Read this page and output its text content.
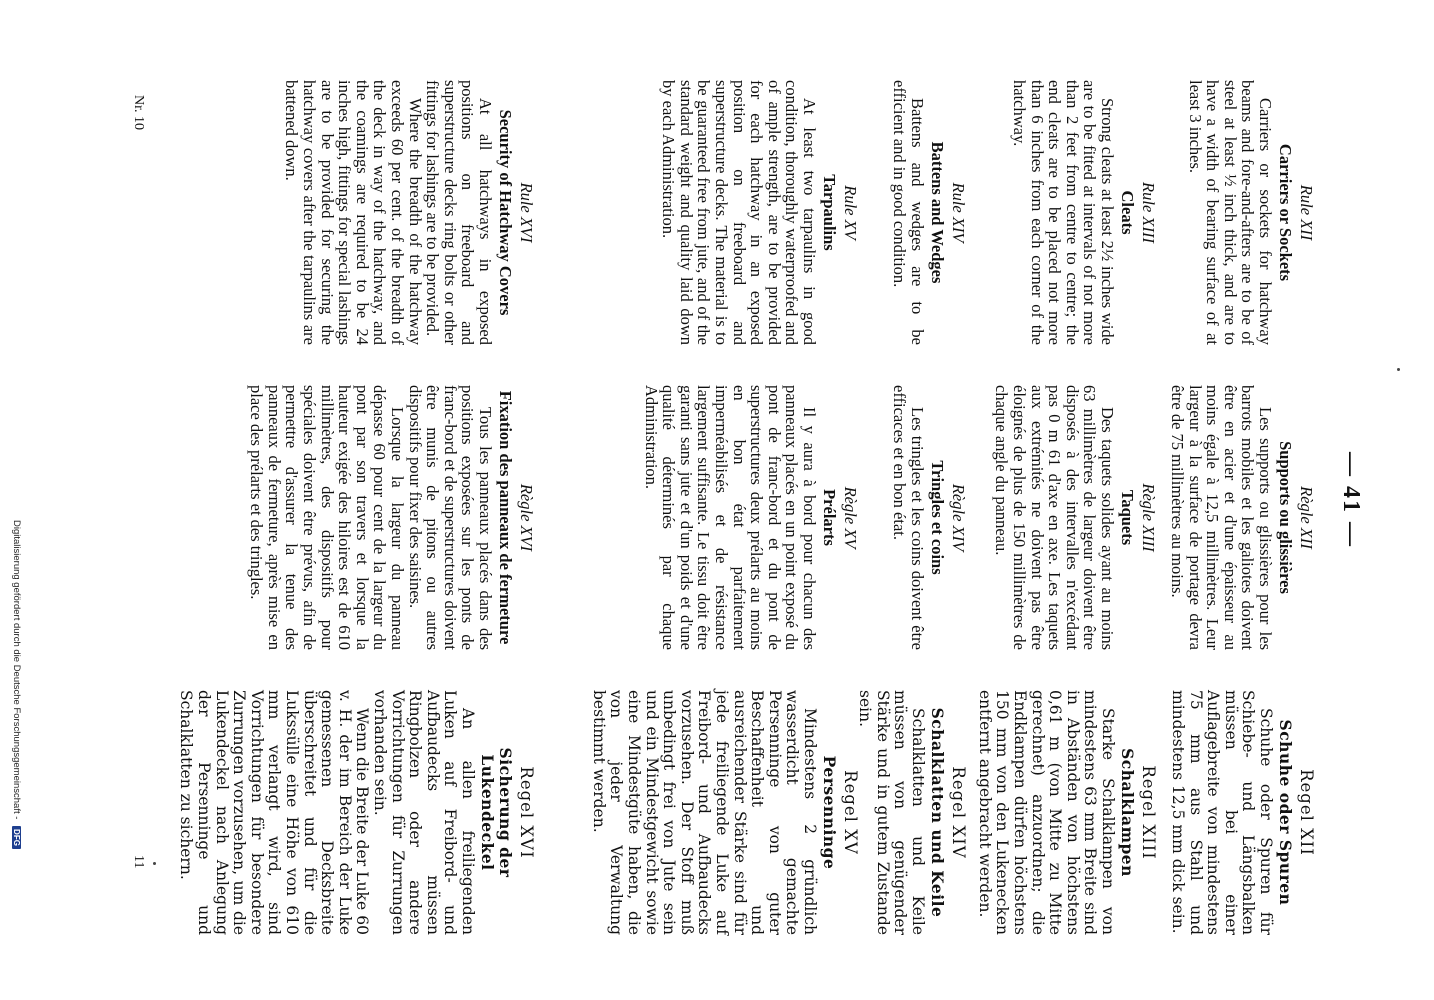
— 41 —
Rule XII
Carriers or Sockets

Carriers or sockets for hatchway beams and fore-and-afters are to be of steel at least ½ inch thick, and are to have a width of bearing surface of at least 3 inches.

Rule XIII
Cleats

Strong cleats at least 2½ inches wide are to be fitted at intervals of not more than 2 feet from centre to centre; the end cleats are to be placed not more than 6 inches from each corner of the hatchway.

Rule XIV
Battens and Wedges

Battens and wedges are to be efficient and in good condition.

Rule XV
Tarpaulins

At least two tarpaulins in good condition, thoroughly waterproofed and of ample strength, are to be provided for each hatchway in an exposed position on freeboard and superstructure decks. The material is to be guaranteed free from jute, and of the standard weight and quality laid down by each Administration.

Rule XVI
Security of Hatchway Covers

At all hatchways in exposed positions on freeboard and superstructure decks ring bolts or other fittings for lashings are to be provided.

Where the breadth of the hatchway exceeds 60 per cent. of the breadth of the deck in way of the hatchway, and the coamings are required to be 24 inches high, fittings for special lashings are to be provided for securing the hatchway covers after the tarpaulins are battened down.

Règle XII
Supports ou glissières

Les supports ou glissières pour les barrots mobiles et les galiotes doivent être en acier et d'une épaisseur au moins égale à 12,5 millimètres. Leur largeur à la surface de portage devra être de 75 millimètres au moins.

Règle XIII
Taquets

Des taquets solides ayant au moins 63 millimètres de largeur doivent être disposés à des intervalles n'excédant pas 0 m 61 d'axe en axe. Les taquets aux extrémités ne doivent pas être éloignés de plus de 150 millimètres de chaque angle du panneau.

Règle XIV
Tringles et coins

Les tringles et les coins doivent être efficaces et en bon état.

Règle XV
Prélarts

Il y aura à bord pour chacun des panneaux placés en un point exposé du pont de franc-bord et du pont de superstructures deux prélarts au moins en bon état parfaitement imperméabilisés et de résistance largement suffisante. Le tissu doit être garanti sans jute et d'un poids et d'une qualité déterminés par chaque Administration.

Règle XVI
Fixation des panneaux de fermeture

Tous les panneaux placés dans des positions exposées sur les ponts de franc-bord et de superstructures doivent être munis de pitons ou autres dispositifs pour fixer des saisines.

Lorsque la largeur du panneau dépasse 60 pour cent de la largeur du pont par son travers et lorsque la hauteur exigée des hiloires est de 610 millimètres, des dispositifs pour spéciales doivent être prévus, afin de permettre d'assurer la tenue des panneaux de fermeture, après mise en place des prélarts et des tringles.

Regel XII
Schuhe oder Spuren

Schuhe oder Spuren für Schiebe- und Längsbalken müssen bei einer Auflagebreite von mindestens 75 mm aus Stahl und mindestens 12,5 mm dick sein.

Regel XIII
Schalklampen

Starke Schalklampen von mindestens 63 mm Breite sind in Abständen von höchstens 0,61 m (von Mitte zu Mitte gerechnet) anzuordnen; die Endklampen dürfen höchstens 150 mm von den Lukenecken entfernt angebracht werden.

Regel XIV
Schalklatten und Keile

Schalklatten und Keile müssen von genügender Stärke und in gutem Zustande sein.

Regel XV
Persenninge

Mindestens 2 gründlich wasserdicht gemachte Persenninge von guter Beschaffenheit und ausreichender Stärke sind für jede freiliegende Luke auf Freibord- und Aufbaudecks vorzusehen. Der Stoff muß unbedingt frei von Jute sein und ein Mindestgewicht sowie eine Mindestgüte haben, die von jeder Verwaltung bestimmt werden.

Regel XVI
Sicherung der Lukendeckel

An allen freiliegenden Luken auf Freibord- und Aufbaudecks müssen Ringbolzen oder andere Vorrichtungen für Zurrungen vorhanden sein.

Wenn die Breite der Luke 60 v. H. der im Bereich der Luke gemessenen Decksbreite überschreitet und für die Lukssülle eine Höhe von 610 mm verlangt wird, sind Vorrichtungen für besondere Zurrungen vorzusehen, um die Lukendeckel nach Anlegung der Persenninge und Schalklatten zu sichern.

Nr. 10
11
Digitalisierung gefördert durch die Deutsche Forschungsgemeinschaft - DFG
